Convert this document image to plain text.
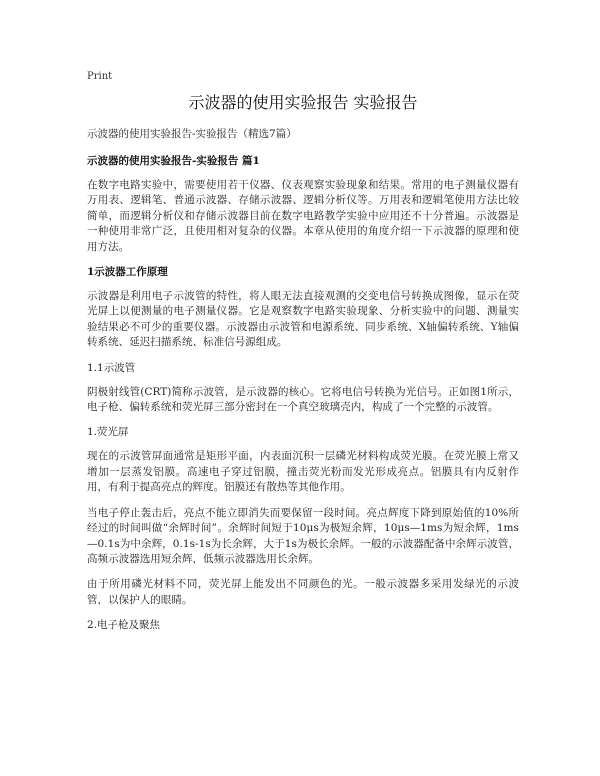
Print
示波器的使用实验报告 实验报告
示波器的使用实验报告-实验报告（精选7篇）
示波器的使用实验报告-实验报告 篇1

在数字电路实验中，需要使用若干仪器、仪表观察实验现象和结果。常用的电子测量仪器有万用表、逻辑笔、普通示波器、存储示波器、逻辑分析仪等。万用表和逻辑笔使用方法比较简单，而逻辑分析仪和存储示波器目前在数字电路教学实验中应用还不十分普遍。示波器是一种使用非常广泛，且使用相对复杂的仪器。本章从使用的角度介绍一下示波器的原理和使用方法。

1示波器工作原理

示波器是利用电子示波管的特性，将人眼无法直接观测的交变电信号转换成图像，显示在荧光屏上以便测量的电子测量仪器。它是观察数字电路实验现象、分析实验中的问题、测量实验结果必不可少的重要仪器。示波器由示波管和电源系统、同步系统、X轴偏转系统、Y轴偏转系统、延迟扫描系统、标准信号源组成。

1.1示波管

阴极射线管(CRT)简称示波管，是示波器的核心。它将电信号转换为光信号。正如图1所示，电子枪、偏转系统和荧光屏三部分密封在一个真空玻璃壳内，构成了一个完整的示波管。

1.荧光屏

现在的示波管屏面通常是矩形平面，内表面沉积一层磷光材料构成荧光膜。在荧光膜上常又增加一层蒸发铝膜。高速电子穿过铝膜，撞击荧光粉而发光形成亮点。铝膜具有内反射作用，有利于提高亮点的辉度。铝膜还有散热等其他作用。

当电子停止轰击后，亮点不能立即消失而要保留一段时间。亮点辉度下降到原始值的10%所经过的时间叫做“余辉时间”。余辉时间短于10μs为极短余辉，10μs—1ms为短余辉，1ms—0.1s为中余辉，0.1s-1s为长余辉，大于1s为极长余辉。一般的示波器配备中余辉示波管，高频示波器选用短余辉，低频示波器选用长余辉。

由于所用磷光材料不同，荧光屏上能发出不同颜色的光。一般示波器多采用发绿光的示波管，以保护人的眼睛。

2.电子枪及聚焦
